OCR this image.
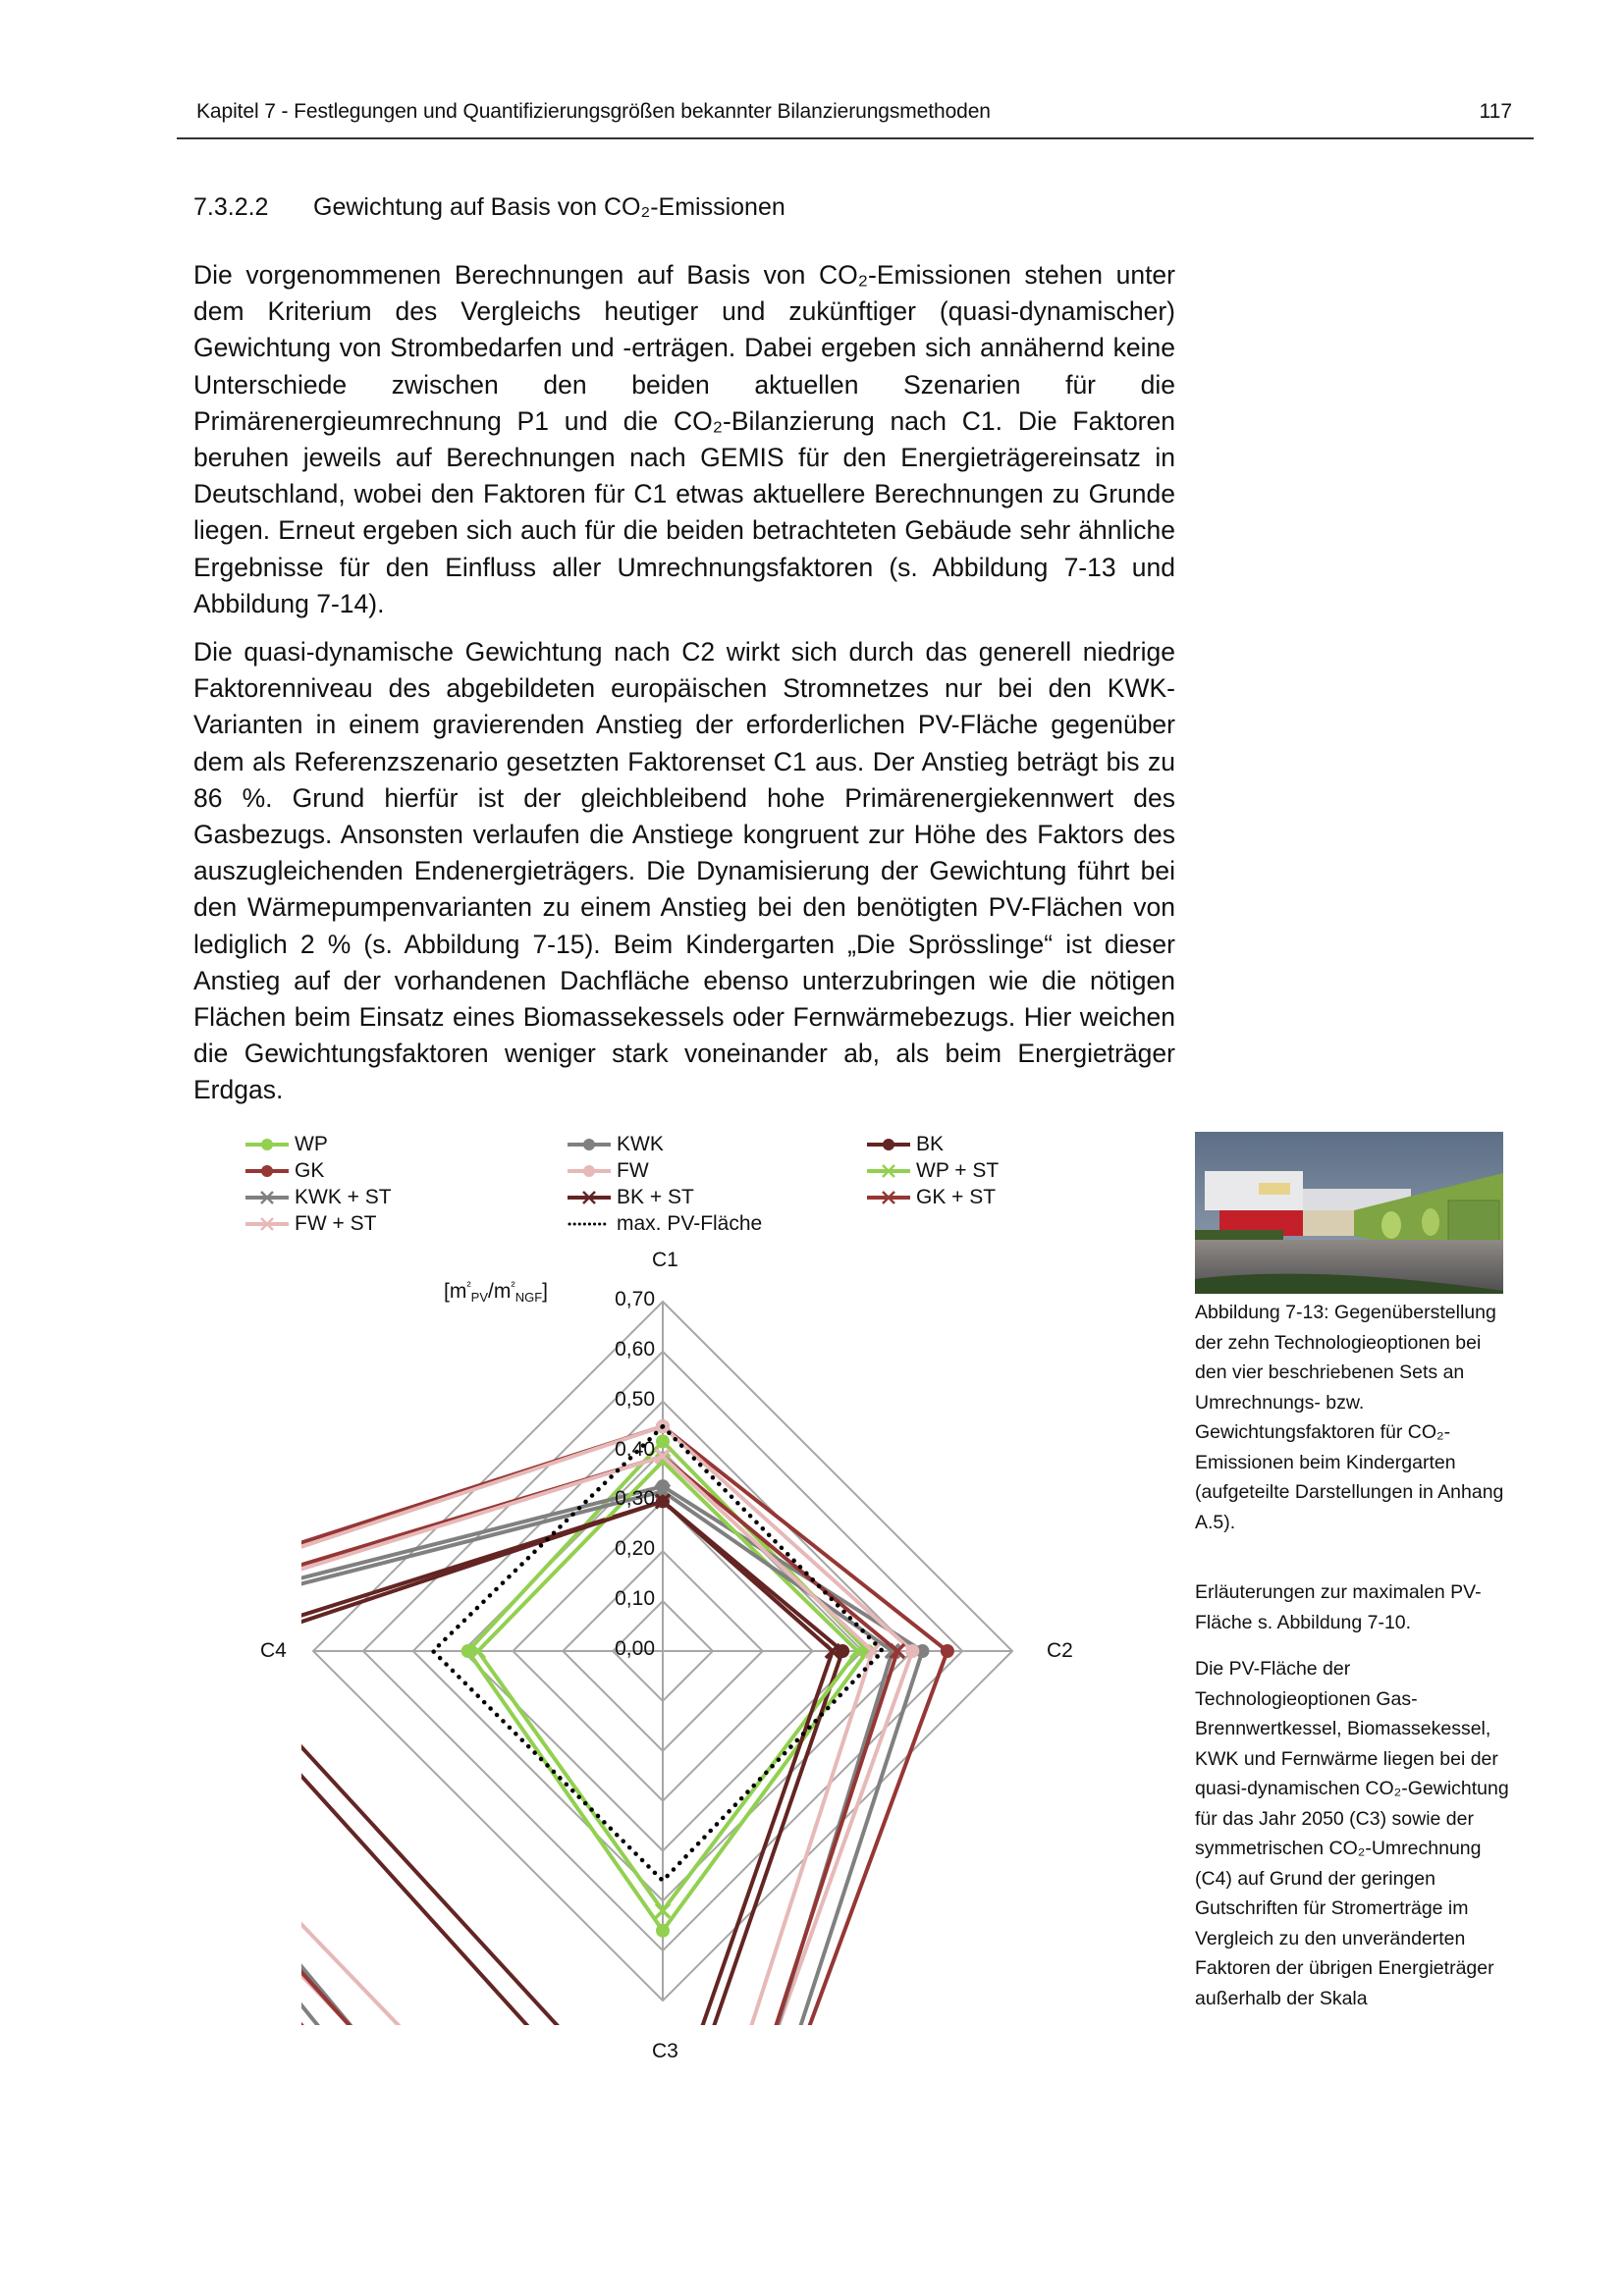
Kapitel 7 - Festlegungen und Quantifizierungsgrößen bekannter Bilanzierungsmethoden	117
7.3.2.2 Gewichtung auf Basis von CO₂-Emissionen

Die vorgenommenen Berechnungen auf Basis von CO₂-Emissionen stehen unter dem Kriterium des Vergleichs heutiger und zukünftiger (quasi-dynamischer) Gewichtung von Strombedarfen und -erträgen. Dabei ergeben sich annähernd keine Unterschiede zwischen den beiden aktuellen Szenarien für die Primärenergieumrechnung P1 und die CO₂-Bilanzierung nach C1. Die Faktoren beruhen jeweils auf Berechnungen nach GEMIS für den Energieträgereinsatz in Deutschland, wobei den Faktoren für C1 etwas aktuellere Berechnungen zu Grunde liegen. Erneut ergeben sich auch für die beiden betrachteten Gebäude sehr ähnliche Ergebnisse für den Einfluss aller Umrechnungsfaktoren (s. Abbildung 7-13 und Abbildung 7-14).

Die quasi-dynamische Gewichtung nach C2 wirkt sich durch das generell niedrige Faktorenniveau des abgebildeten europäischen Stromnetzes nur bei den KWK-Varianten in einem gravierenden Anstieg der erforderlichen PV-Fläche gegenüber dem als Referenzszenario gesetzten Faktorenset C1 aus. Der Anstieg beträgt bis zu 86 %. Grund hierfür ist der gleichbleibend hohe Primärenergiekennwert des Gasbezugs. Ansonsten verlaufen die Anstiege kongruent zur Höhe des Faktors des auszugleichenden Endenergieträgers. Die Dynamisierung der Gewichtung führt bei den Wärmepumpenvarianten zu einem Anstieg bei den benötigten PV-Flächen von lediglich 2 % (s. Abbildung 7-15). Beim Kindergarten „Die Sprösslinge“ ist dieser Anstieg auf der vorhandenen Dachfläche ebenso unterzubringen wie die nötigen Flächen beim Einsatz eines Biomassekessels oder Fernwärmebezugs. Hier weichen die Gewichtungsfaktoren weniger stark voneinander ab, als beim Energieträger Erdgas.

WP	KWK	BK
GK	FW	WP + ST
KWK + ST	BK + ST	GK + ST
FW + ST	max. PV-Fläche
C1
C2
C3
C4
$[m^{^2}_{PV}/m^{^2}_{NGF}]$
0,00
0,10
0,20
0,30
0,40
0,50
0,60
0,70

Abbildung 7-13: Gegenüberstellung der zehn Technologieoptionen bei den vier beschriebenen Sets an Umrechnungs- bzw. Gewichtungsfaktoren für CO₂-Emissionen beim Kindergarten (aufgeteilte Darstellungen in Anhang A.5).

Erläuterungen zur maximalen PV-Fläche s. Abbildung 7-10.

Die PV-Fläche der Technologieoptionen Gas-Brennwertkessel, Biomassekessel, KWK und Fernwärme liegen bei der quasi-dynamischen CO₂-Gewichtung für das Jahr 2050 (C3) sowie der symmetrischen CO₂-Umrechnung (C4) auf Grund der geringen Gutschriften für Stromerträge im Vergleich zu den unveränderten Faktoren der übrigen Energieträger außerhalb der Skala
